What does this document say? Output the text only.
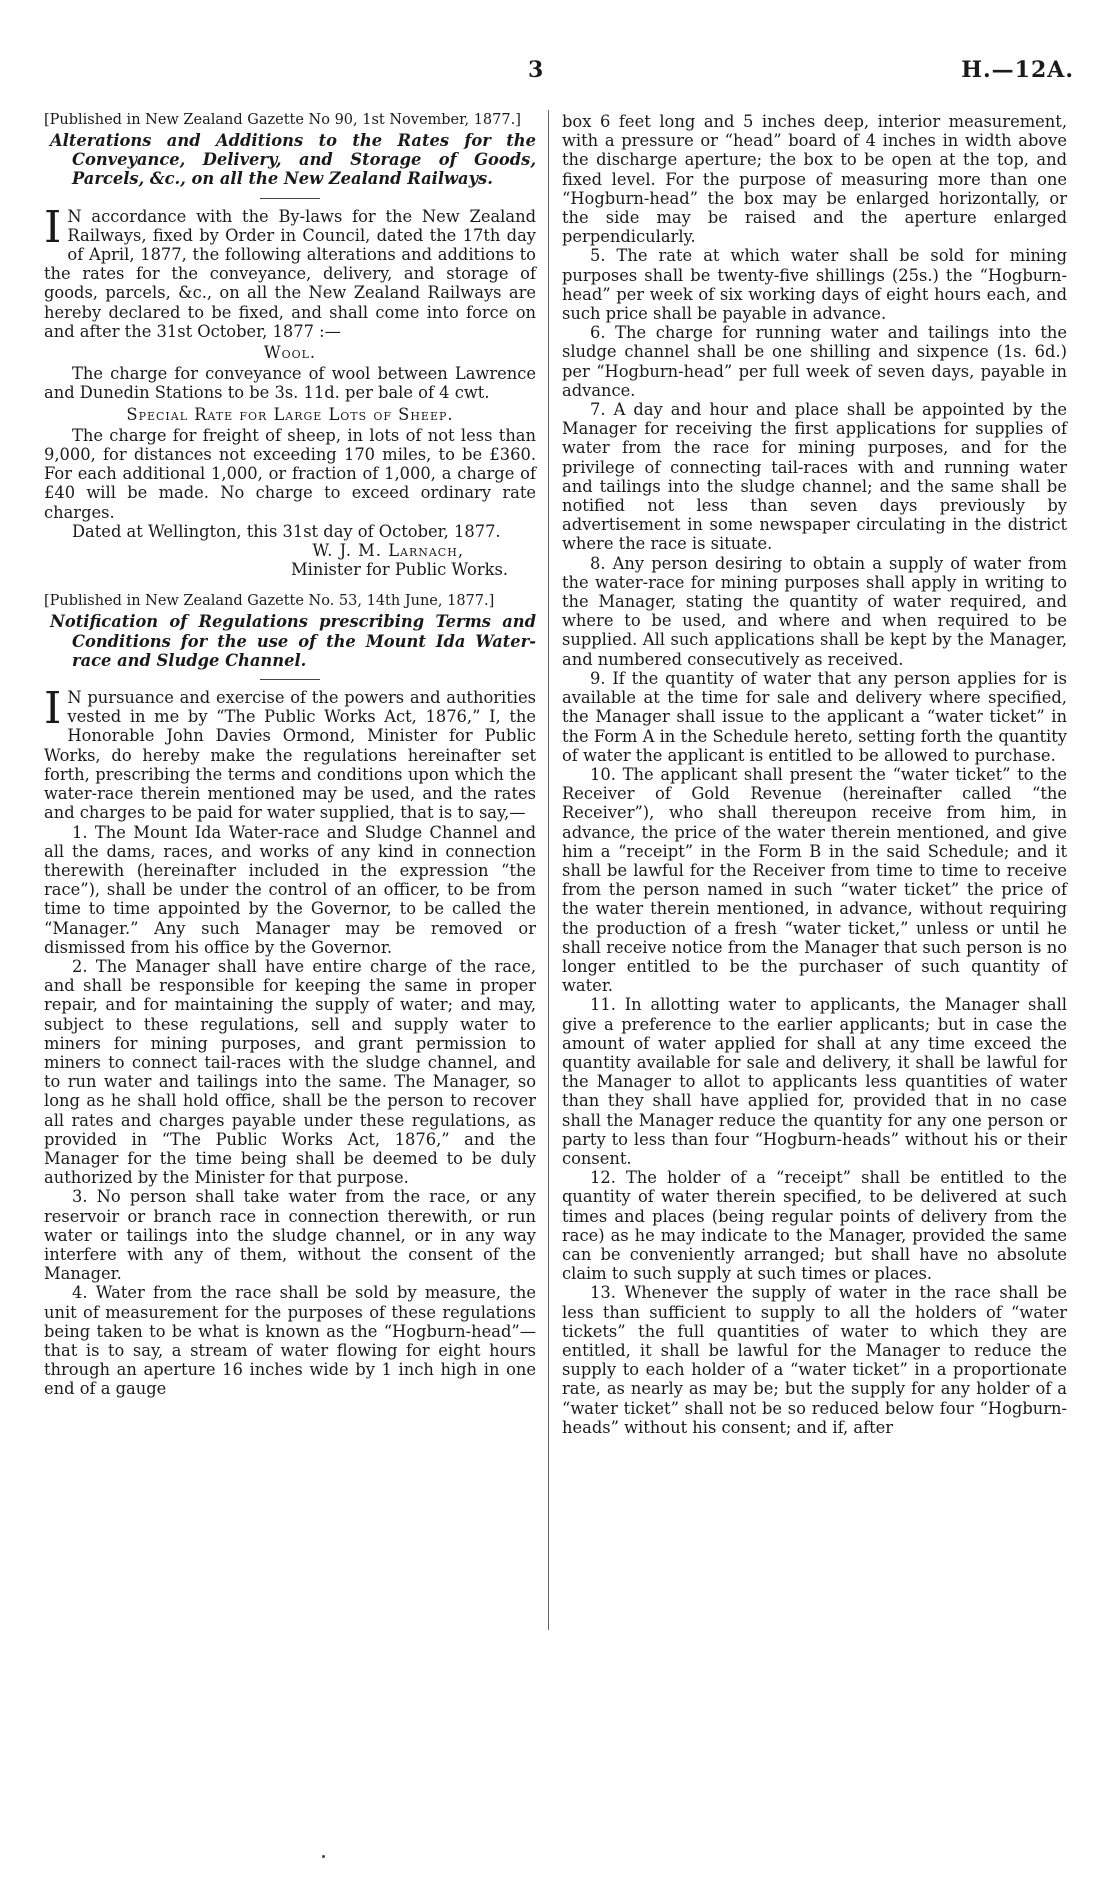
3	H.—12A.

[Published in New Zealand Gazette No 90, 1st November, 1877.]

Alterations and Additions to the Rates for the Conveyance, Delivery, and Storage of Goods, Parcels, &c., on all the New Zealand Railways.

I N accordance with the By-laws for the New Zealand Railways, fixed by Order in Council, dated the 17th day of April, 1877, the following alterations and additions to the rates for the conveyance, delivery, and storage of goods, parcels, &c., on all the New Zealand Railways are hereby declared to be fixed, and shall come into force on and after the 31st October, 1877 :—

Wool.

The charge for conveyance of wool between Lawrence and Dunedin Stations to be 3s. 11d. per bale of 4 cwt.

Special Rate for Large Lots of Sheep.

The charge for freight of sheep, in lots of not less than 9,000, for distances not exceeding 170 miles, to be £360. For each additional 1,000, or fraction of 1,000, a charge of £40 will be made. No charge to exceed ordinary rate charges.

Dated at Wellington, this 31st day of October, 1877.

W. J. M. Larnach,

Minister for Public Works.

[Published in New Zealand Gazette No. 53, 14th June, 1877.]

Notification of Regulations prescribing Terms and Conditions for the use of the Mount Ida Water-race and Sludge Channel.

I N pursuance and exercise of the powers and authorities vested in me by “The Public Works Act, 1876,” I, the Honorable John Davies Ormond, Minister for Public Works, do hereby make the regulations hereinafter set forth, prescribing the terms and conditions upon which the water-race therein mentioned may be used, and the rates and charges to be paid for water supplied, that is to say,—

1. The Mount Ida Water-race and Sludge Channel and all the dams, races, and works of any kind in connection therewith (hereinafter included in the expression “the race”), shall be under the control of an officer, to be from time to time appointed by the Governor, to be called the “Manager.” Any such Manager may be removed or dismissed from his office by the Governor.

2. The Manager shall have entire charge of the race, and shall be responsible for keeping the same in proper repair, and for maintaining the supply of water; and may, subject to these regulations, sell and supply water to miners for mining purposes, and grant permission to miners to connect tail-races with the sludge channel, and to run water and tailings into the same. The Manager, so long as he shall hold office, shall be the person to recover all rates and charges payable under these regulations, as provided in “The Public Works Act, 1876,” and the Manager for the time being shall be deemed to be duly authorized by the Minister for that purpose.

3. No person shall take water from the race, or any reservoir or branch race in connection therewith, or run water or tailings into the sludge channel, or in any way interfere with any of them, without the consent of the Manager.

4. Water from the race shall be sold by measure, the unit of measurement for the purposes of these regulations being taken to be what is known as the “Hogburn-head”—that is to say, a stream of water flowing for eight hours through an aperture 16 inches wide by 1 inch high in one end of a gauge

box 6 feet long and 5 inches deep, interior measurement, with a pressure or “head” board of 4 inches in width above the discharge aperture; the box to be open at the top, and fixed level. For the purpose of measuring more than one “Hogburn-head” the box may be enlarged horizontally, or the side may be raised and the aperture enlarged perpendicularly.

5. The rate at which water shall be sold for mining purposes shall be twenty-five shillings (25s.) the “Hogburn-head” per week of six working days of eight hours each, and such price shall be payable in advance.

6. The charge for running water and tailings into the sludge channel shall be one shilling and sixpence (1s. 6d.) per “Hogburn-head” per full week of seven days, payable in advance.

7. A day and hour and place shall be appointed by the Manager for receiving the first applications for supplies of water from the race for mining purposes, and for the privilege of connecting tail-races with and running water and tailings into the sludge channel; and the same shall be notified not less than seven days previously by advertisement in some newspaper circulating in the district where the race is situate.

8. Any person desiring to obtain a supply of water from the water-race for mining purposes shall apply in writing to the Manager, stating the quantity of water required, and where to be used, and where and when required to be supplied. All such applications shall be kept by the Manager, and numbered consecutively as received.

9. If the quantity of water that any person applies for is available at the time for sale and delivery where specified, the Manager shall issue to the applicant a “water ticket” in the Form A in the Schedule hereto, setting forth the quantity of water the applicant is entitled to be allowed to purchase.

10. The applicant shall present the “water ticket” to the Receiver of Gold Revenue (hereinafter called “the Receiver”), who shall thereupon receive from him, in advance, the price of the water therein mentioned, and give him a “receipt” in the Form B in the said Schedule; and it shall be lawful for the Receiver from time to time to receive from the person named in such “water ticket” the price of the water therein mentioned, in advance, without requiring the production of a fresh “water ticket,” unless or until he shall receive notice from the Manager that such person is no longer entitled to be the purchaser of such quantity of water.

11. In allotting water to applicants, the Manager shall give a preference to the earlier applicants; but in case the amount of water applied for shall at any time exceed the quantity available for sale and delivery, it shall be lawful for the Manager to allot to applicants less quantities of water than they shall have applied for, provided that in no case shall the Manager reduce the quantity for any one person or party to less than four “Hogburn-heads” without his or their consent.

12. The holder of a “receipt” shall be entitled to the quantity of water therein specified, to be delivered at such times and places (being regular points of delivery from the race) as he may indicate to the Manager, provided the same can be conveniently arranged; but shall have no absolute claim to such supply at such times or places.

13. Whenever the supply of water in the race shall be less than sufficient to supply to all the holders of “water tickets” the full quantities of water to which they are entitled, it shall be lawful for the Manager to reduce the supply to each holder of a “water ticket” in a proportionate rate, as nearly as may be; but the supply for any holder of a “water ticket” shall not be so reduced below four “Hogburn-heads” without his consent; and if, after
